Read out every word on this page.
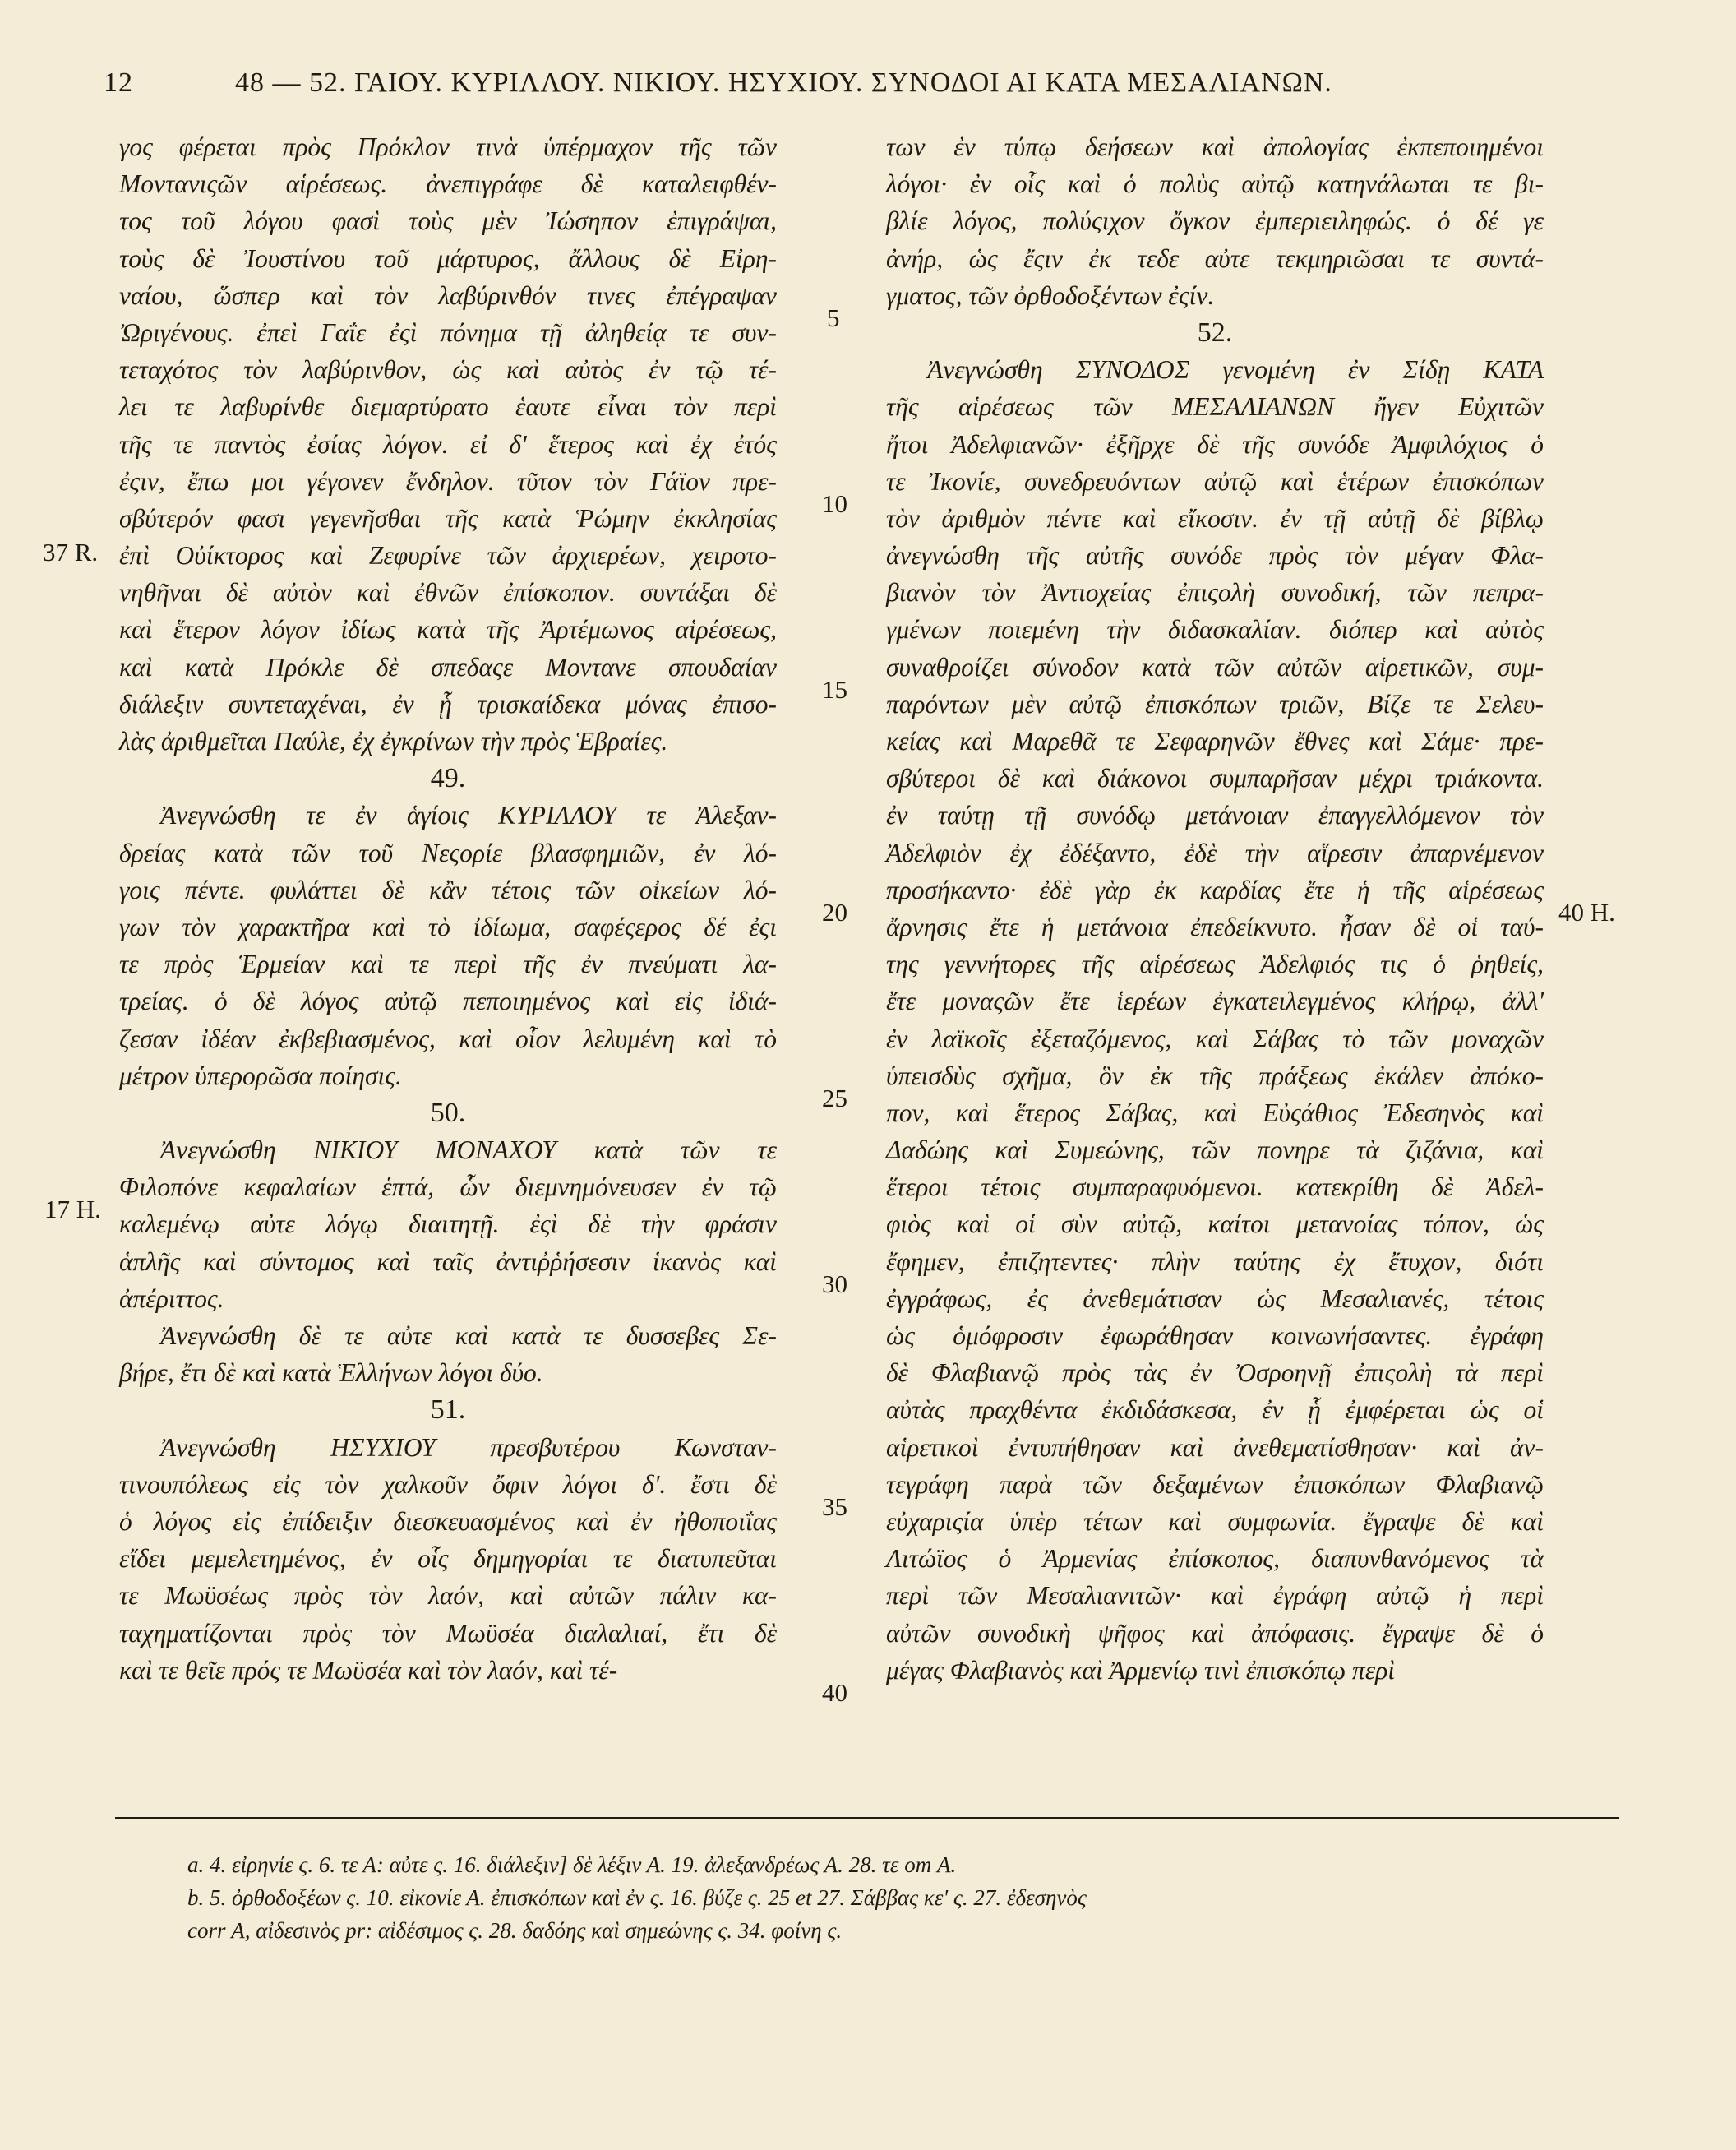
12	48 — 52. ΓΑΙΟΥ. ΚΥΡΙΛΛΟΥ. ΝΙΚΙΟΥ. ΗΣΥΧΙΟΥ. ΣΥΝΟΔΟΙ ΑΙ ΚΑΤΑ ΜΕΣΑΛΙΑΝΩΝ.
γος φέρεται πρὸς Πρόκλον τινὰ ὑπέρμαχον τῆς τῶν
Μοντανιςῶν αἱρέσεως. ἀνεπιγράφε δὲ καταλειφθέν-
τος τοῦ λόγου φασὶ τοὺς μὲν Ἰώσηπον ἐπιγράψαι,
τοὺς δὲ Ἰουστίνου τοῦ μάρτυρος, ἄλλους δὲ Εἰρη-
ναίου, ὥσπερ καὶ τὸν λαβύρινθόν τινες ἐπέγραψαν
Ὠριγένους. ἐπεὶ Γαΐε ἐςὶ πόνημα τῇ ἀληθείᾳ τε συν-
τεταχότος τὸν λαβύρινθον, ὡς καὶ αὐτὸς ἐν τῷ τέ-
λει τε λαβυρίνθε διεμαρτύρατο ἑαυτε εἶναι τὸν περὶ
τῆς τε παντὸς ἐσίας λόγον. εἰ δ' ἕτερος καὶ ἐχ ἐτός
ἐςιν, ἔπω μοι γέγονεν ἔνδηλον. τῦτον τὸν Γάϊον πρε-
σβύτερόν φασι γεγενῆσθαι τῆς κατὰ Ῥώμην ἐκκλησίας
ἐπὶ Οὐίκτορος καὶ Ζεφυρίνε τῶν ἀρχιερέων, χειροτο-
νηθῆναι δὲ αὐτὸν καὶ ἐθνῶν ἐπίσκοπον. συντάξαι δὲ
καὶ ἕτερον λόγον ἰδίως κατὰ τῆς Ἀρτέμωνος αἱρέσεως,
καὶ κατὰ Πρόκλε δὲ σπεδαςε Μοντανε σπουδαίαν
διάλεξιν συντεταχέναι, ἐν ᾗ τρισκαίδεκα μόνας ἐπισο-
λὰς ἀριθμεῖται Παύλε, ἐχ ἐγκρίνων τὴν πρὸς Ἑβραίες.
49.
Ἀνεγνώσθη τε ἐν ἁγίοις ΚΥΡΙΛΛΟΥ τε Ἀλεξαν-
δρείας κατὰ τῶν τοῦ Νεςορίε βλασφημιῶν, ἐν λό-
γοις πέντε. φυλάττει δὲ κἂν τέτοις τῶν οἰκείων λό-
γων τὸν χαρακτῆρα καὶ τὸ ἰδίωμα, σαφέςερος δέ ἐςι
τε πρὸς Ἑρμείαν καὶ τε περὶ τῆς ἐν πνεύματι λα-
τρείας. ὁ δὲ λόγος αὐτῷ πεποιημένος καὶ εἰς ἰδιά-
ζεσαν ἰδέαν ἐκβεβιασμένος, καὶ οἷον λελυμένη καὶ τὸ
μέτρον ὑπερορῶσα ποίησις.
50.
Ἀνεγνώσθη ΝΙΚΙΟΥ ΜΟΝΑΧΟΥ κατὰ τῶν τε
Φιλοπόνε κεφαλαίων ἑπτά, ὧν διεμνημόνευσεν ἐν τῷ
καλεμένῳ αὐτε λόγῳ διαιτητῇ. ἐςὶ δὲ τὴν φράσιν
ἁπλῆς καὶ σύντομος καὶ ταῖς ἀντιῤῥήσεσιν ἱκανὸς καὶ
ἀπέριττος.
Ἀνεγνώσθη δὲ τε αὐτε καὶ κατὰ τε δυσσεβες Σε-
βήρε, ἔτι δὲ καὶ κατὰ Ἑλλήνων λόγοι δύο.
51.
Ἀνεγνώσθη ΗΣΥΧΙΟΥ πρεσβυτέρου Κωνσταν-
τινουπόλεως εἰς τὸν χαλκοῦν ὄφιν λόγοι δ'. ἔστι δὲ
ὁ λόγος εἰς ἐπίδειξιν διεσκευασμένος καὶ ἐν ἠθοποιΐας
εἴδει μεμελετημένος, ἐν οἷς δημηγορίαι τε διατυπεῦται
τε Μωϋσέως πρὸς τὸν λαόν, καὶ αὐτῶν πάλιν κα-
ταχηματίζονται πρὸς τὸν Μωϋσέα διαλαλιαί, ἔτι δὲ
καὶ τε θεῖε πρός τε Μωϋσέα καὶ τὸν λαόν, καὶ τέ-
των ἐν τύπῳ δεήσεων καὶ ἀπολογίας ἐκπεποιημένοι
λόγοι· ἐν οἷς καὶ ὁ πολὺς αὐτῷ κατηνάλωται τε βι-
βλίε λόγος, πολύςιχον ὄγκον ἐμπεριειληφώς. ὁ δέ γε
ἀνήρ, ὡς ἔςιν ἐκ τεδε αὐτε τεκμηριῶσαι τε συντά-
γματος, τῶν ὀρθοδοξέντων ἐςίν.
52.
Ἀνεγνώσθη ΣΥΝΟΔΟΣ γενομένη ἐν Σίδῃ ΚΑΤΑ
τῆς αἱρέσεως τῶν ΜΕΣΑΛΙΑΝΩΝ ἤγεν Εὐχιτῶν
ἤτοι Ἀδελφιανῶν· ἐξῆρχε δὲ τῆς συνόδε Ἀμφιλόχιος ὁ
τε Ἰκονίε, συνεδρευόντων αὐτῷ καὶ ἑτέρων ἐπισκόπων
τὸν ἀριθμὸν πέντε καὶ εἴκοσιν. ἐν τῇ αὐτῇ δὲ βίβλῳ
ἀνεγνώσθη τῆς αὐτῆς συνόδε πρὸς τὸν μέγαν Φλα-
βιανὸν τὸν Ἀντιοχείας ἐπιςολὴ συνοδική, τῶν πεπρα-
γμένων ποιεμένη τὴν διδασκαλίαν. διόπερ καὶ αὐτὸς
συναθροίζει σύνοδον κατὰ τῶν αὐτῶν αἱρετικῶν, συμ-
παρόντων μὲν αὐτῷ ἐπισκόπων τριῶν, Βίζε τε Σελευ-
κείας καὶ Μαρεθᾶ τε Σεφαρηνῶν ἔθνες καὶ Σάμε· πρε-
σβύτεροι δὲ καὶ διάκονοι συμπαρῆσαν μέχρι τριάκοντα.
ἐν ταύτῃ τῇ συνόδῳ μετάνοιαν ἐπαγγελλόμενον τὸν
Ἀδελφιὸν ἐχ ἐδέξαντο, ἐδὲ τὴν αἵρεσιν ἀπαρνέμενον
προσήκαντο· ἐδὲ γὰρ ἐκ καρδίας ἔτε ἡ τῆς αἱρέσεως
ἄρνησις ἔτε ἡ μετάνοια ἐπεδείκνυτο. ἦσαν δὲ οἱ ταύ-
της γεννήτορες τῆς αἱρέσεως Ἀδελφιός τις ὁ ῥηθείς,
ἔτε μοναςῶν ἔτε ἱερέων ἐγκατειλεγμένος κλήρῳ, ἀλλ'
ἐν λαϊκοῖς ἐξεταζόμενος, καὶ Σάβας τὸ τῶν μοναχῶν
ὑπεισδὺς σχῆμα, ὃν ἐκ τῆς πράξεως ἐκάλεν ἀπόκο-
πον, καὶ ἕτερος Σάβας, καὶ Εὐςάθιος Ἐδεσηνὸς καὶ
Δαδώης καὶ Συμεώνης, τῶν πονηρε τὰ ζιζάνια, καὶ
ἕτεροι τέτοις συμπαραφυόμενοι. κατεκρίθη δὲ Ἀδελ-
φιὸς καὶ οἱ σὺν αὐτῷ, καίτοι μετανοίας τόπον, ὡς
ἔφημεν, ἐπιζητεντες· πλὴν ταύτης ἐχ ἔτυχον, διότι
ἐγγράφως, ἐς ἀνεθεμάτισαν ὡς Μεσαλιανές, τέτοις
ὡς ὁμόφροσιν ἐφωράθησαν κοινωνήσαντες. ἐγράφη
δὲ Φλαβιανῷ πρὸς τὰς ἐν Ὀσροηνῇ ἐπιςολὴ τὰ περὶ
αὐτὰς πραχθέντα ἐκδιδάσκεσα, ἐν ᾗ ἐμφέρεται ὡς οἱ
αἱρετικοὶ ἐντυπήθησαν καὶ ἀνεθεματίσθησαν· καὶ ἀν-
τεγράφη παρὰ τῶν δεξαμένων ἐπισκόπων Φλαβιανῷ
εὐχαριςία ὑπὲρ τέτων καὶ συμφωνία. ἔγραψε δὲ καὶ
Λιτώϊος ὁ Ἀρμενίας ἐπίσκοπος, διαπυνθανόμενος τὰ
περὶ τῶν Μεσαλιανιτῶν· καὶ ἐγράφη αὐτῷ ἡ περὶ
αὐτῶν συνοδικὴ ψῆφος καὶ ἀπόφασις. ἔγραψε δὲ ὁ
μέγας Φλαβιανὸς καὶ Ἀρμενίῳ τινὶ ἐπισκόπῳ περὶ
5
10
15
20
25
30
35
40
37 R.
40 H.
17 H.
a. 4. εἰρηνίε ς. 6. τε Α: αὐτε ς. 16. διάλεξιν] δὲ λέξιν Α. 19. ἀλεξανδρέως Α. 28. τε om Α.
b. 5. ὀρθοδοξέων ς. 10. εἰκονίε Α. ἐπισκόπων καὶ ἐν ς. 16. βύζε ς. 25 et 27. Σάββας κε' ς. 27. ἐδεσηνὸς
corr Α, αἰδεσινὸς pr: αἰδέσιμος ς. 28. δαδόης καὶ σημεώνης ς. 34. φοίνη ς.
